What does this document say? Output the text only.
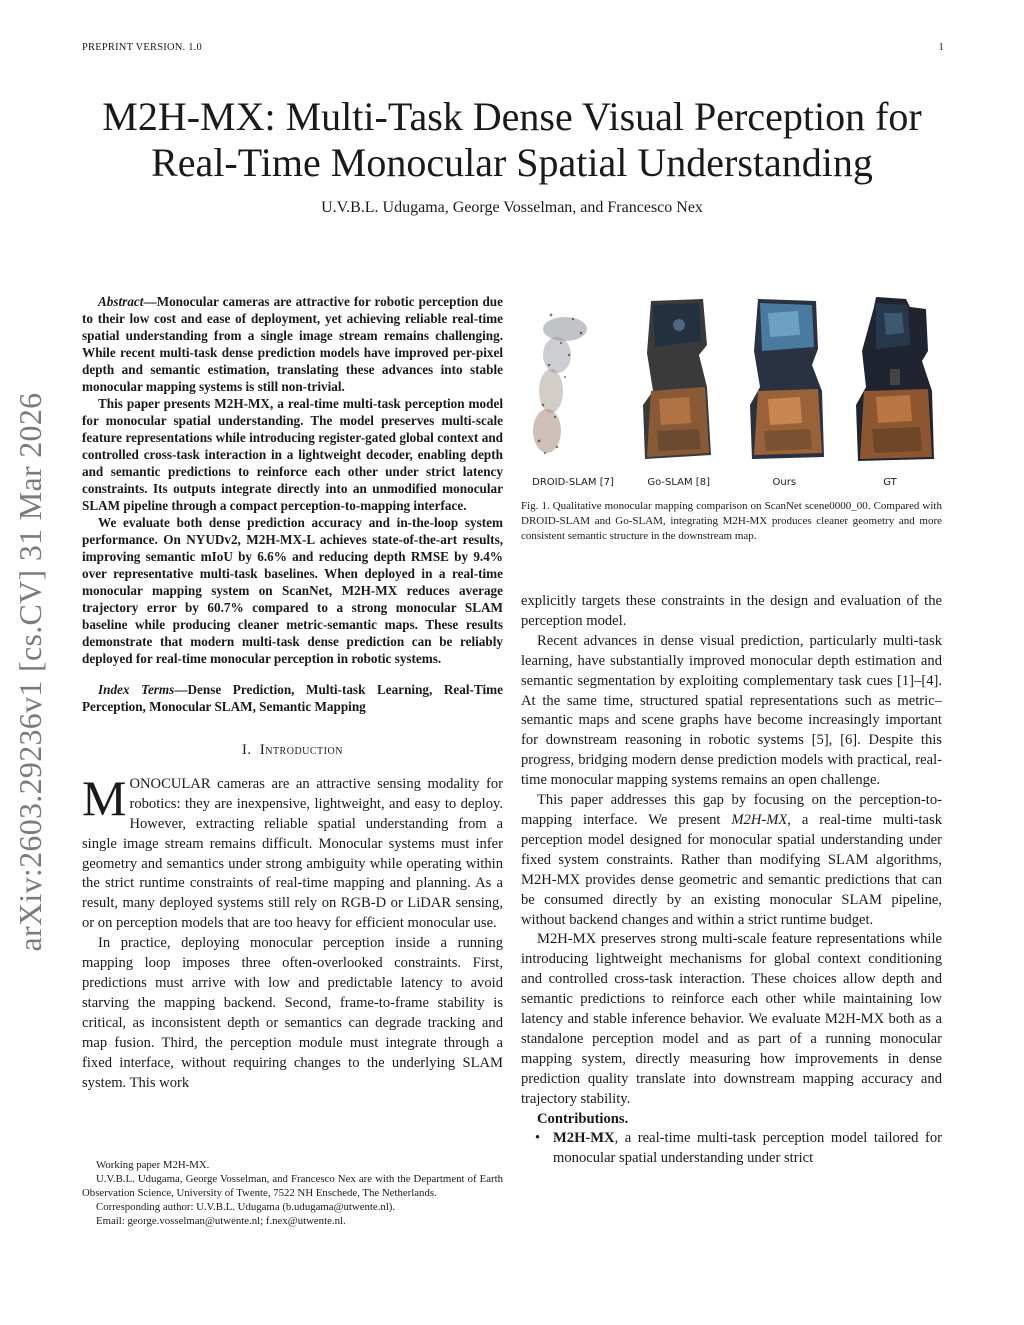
PREPRINT VERSION. 1.0	1
M2H-MX: Multi-Task Dense Visual Perception for
Real-Time Monocular Spatial Understanding
U.V.B.L. Udugama, George Vosselman, and Francesco Nex
arXiv:2603.29236v1 [cs.CV] 31 Mar 2026

Abstract—Monocular cameras are attractive for robotic perception due to their low cost and ease of deployment, yet achieving reliable real-time spatial understanding from a single image stream remains challenging. While recent multi-task dense prediction models have improved per-pixel depth and semantic estimation, translating these advances into stable monocular mapping systems is still non-trivial.

This paper presents M2H-MX, a real-time multi-task perception model for monocular spatial understanding. The model preserves multi-scale feature representations while introducing register-gated global context and controlled cross-task interaction in a lightweight decoder, enabling depth and semantic predictions to reinforce each other under strict latency constraints. Its outputs integrate directly into an unmodified monocular SLAM pipeline through a compact perception-to-mapping interface.

We evaluate both dense prediction accuracy and in-the-loop system performance. On NYUDv2, M2H-MX-L achieves state-of-the-art results, improving semantic mIoU by 6.6% and reducing depth RMSE by 9.4% over representative multi-task baselines. When deployed in a real-time monocular mapping system on ScanNet, M2H-MX reduces average trajectory error by 60.7% compared to a strong monocular SLAM baseline while producing cleaner metric-semantic maps. These results demonstrate that modern multi-task dense prediction can be reliably deployed for real-time monocular perception in robotic systems.

Index Terms—Dense Prediction, Multi-task Learning, Real-Time Perception, Monocular SLAM, Semantic Mapping

I. Introduction

MONOCULAR cameras are an attractive sensing modality for robotics: they are inexpensive, lightweight, and easy to deploy. However, extracting reliable spatial understanding from a single image stream remains difficult. Monocular systems must infer geometry and semantics under strong ambiguity while operating within the strict runtime constraints of real-time mapping and planning. As a result, many deployed systems still rely on RGB-D or LiDAR sensing, or on perception models that are too heavy for efficient monocular use.

In practice, deploying monocular perception inside a running mapping loop imposes three often-overlooked constraints. First, predictions must arrive with low and predictable latency to avoid starving the mapping backend. Second, frame-to-frame stability is critical, as inconsistent depth or semantics can degrade tracking and map fusion. Third, the perception module must integrate through a fixed interface, without requiring changes to the underlying SLAM system. This work

Working paper M2H-MX.

U.V.B.L. Udugama, George Vosselman, and Francesco Nex are with the Department of Earth Observation Science, University of Twente, 7522 NH Enschede, The Netherlands.

Corresponding author: U.V.B.L. Udugama (b.udugama@utwente.nl).

Email: george.vosselman@utwente.nl; f.nex@utwente.nl.

DROID-SLAM [7]	Go-SLAM [8]	Ours	GT
Fig. 1. Qualitative monocular mapping comparison on ScanNet scene0000_00. Compared with DROID-SLAM and Go-SLAM, integrating M2H-MX produces cleaner geometry and more consistent semantic structure in the downstream map.

explicitly targets these constraints in the design and evaluation of the perception model.

Recent advances in dense visual prediction, particularly multi-task learning, have substantially improved monocular depth estimation and semantic segmentation by exploiting complementary task cues [1]–[4]. At the same time, structured spatial representations such as metric–semantic maps and scene graphs have become increasingly important for downstream reasoning in robotic systems [5], [6]. Despite this progress, bridging modern dense prediction models with practical, real-time monocular mapping systems remains an open challenge.

This paper addresses this gap by focusing on the perception-to-mapping interface. We present M2H-MX, a real-time multi-task perception model designed for monocular spatial understanding under fixed system constraints. Rather than modifying SLAM algorithms, M2H-MX provides dense geometric and semantic predictions that can be consumed directly by an existing monocular SLAM pipeline, without backend changes and within a strict runtime budget.

M2H-MX preserves strong multi-scale feature representations while introducing lightweight mechanisms for global context conditioning and controlled cross-task interaction. These choices allow depth and semantic predictions to reinforce each other while maintaining low latency and stable inference behavior. We evaluate M2H-MX both as a standalone perception model and as part of a running monocular mapping system, directly measuring how improvements in dense prediction quality translate into downstream mapping accuracy and trajectory stability.

Contributions.

• M2H-MX, a real-time multi-task perception model tailored for monocular spatial understanding under strict
